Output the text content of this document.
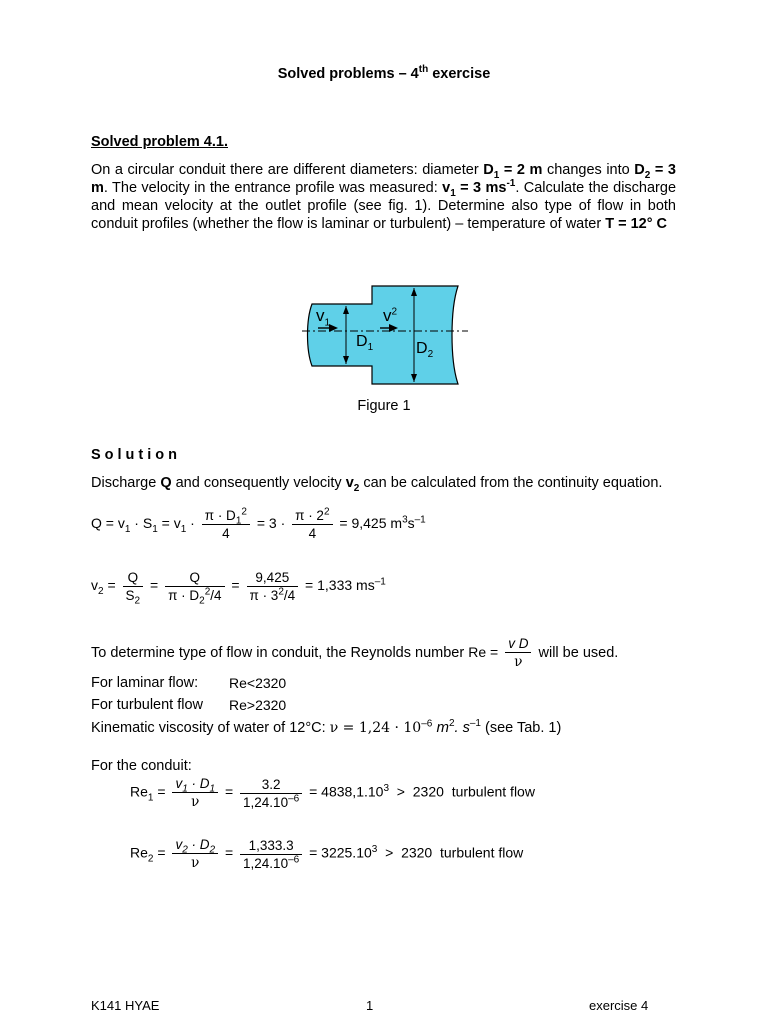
Solved problems – 4th exercise
Solved problem 4.1.
On a circular conduit there are different diameters: diameter $D_1 = 2$ m changes into $D_2 = 3$ m. The velocity in the entrance profile was measured: $v_1 = 3$ $ms^{-1}$. Calculate the discharge and mean velocity at the outlet profile (see fig. 1). Determine also type of flow in both conduit profiles (whether the flow is laminar or turbulent) – temperature of water T = 12° C
$v_1$	$v^2$
$D_1$	$D_2$
Figure 1
Solution
Discharge Q and consequently velocity $v_2$ can be calculated from the continuity equation.
$Q = v_1 \cdot S_1 = v_1 \cdot \frac{\pi \cdot D_1^2}{4} = 3 \cdot \frac{\pi \cdot 2^2}{4} = 9,425$ $m^3s^{-1}$
$v_2 = \frac{Q}{S_2} = \frac{Q}{\pi \cdot D_2^2/4} = \frac{9,425}{\pi \cdot 3^2/4} = 1,333$ $ms^{-1}$
To determine type of flow in conduit, the Reynolds number $Re = \frac{\text{v D}}{\nu}$ will be used.
For laminar flow: Re<2320
For turbulent flow Re>2320
Kinematic viscosity of water of 12°C: $\nu = 1,24 \cdot 10^{-6}$ $m^2$. $s^{-1}$ (see Tab. 1)
For the conduit:
$Re_1 = \frac{v_1 \cdot D_1}{\nu} = \frac{3.2}{1,24.10^{-6}} = 4838,1.10^3 > 2320$  turbulent flow
$Re_2 = \frac{v_2 \cdot D_2}{\nu} = \frac{1,333.3}{1,24.10^{-6}} = 3225.10^3 > 2320$  turbulent flow
K141 HYAE	1	exercise 4
